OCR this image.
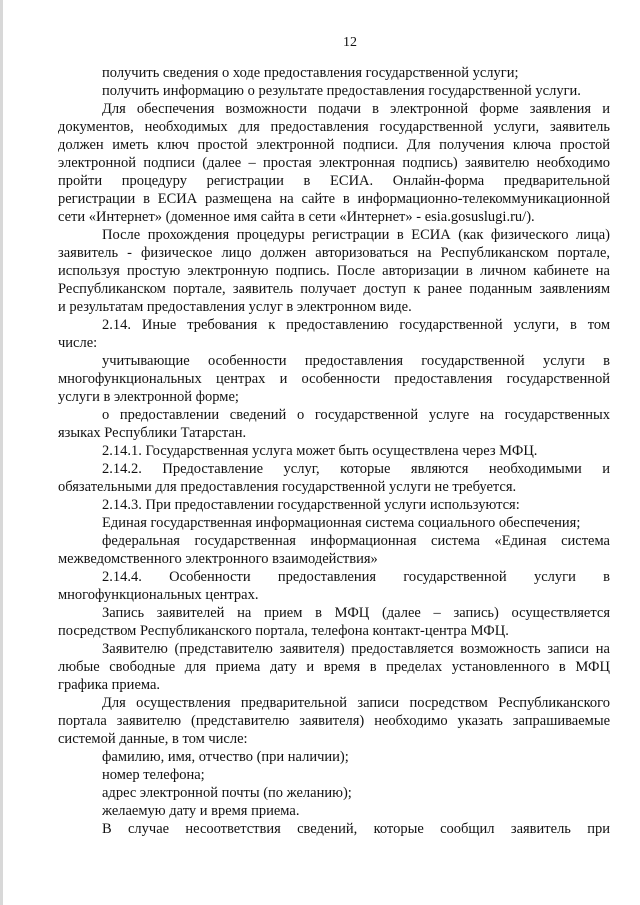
12
получить сведения о ходе предоставления государственной услуги;
получить информацию о результате предоставления государственной услуги.
Для обеспечения возможности подачи в электронной форме заявления и
документов, необходимых для предоставления государственной услуги, заявитель
должен иметь ключ простой электронной подписи. Для получения ключа простой
электронной подписи (далее – простая электронная подпись) заявителю необходимо
пройти процедуру регистрации в ЕСИА. Онлайн-форма предварительной
регистрации в ЕСИА размещена на сайте в информационно-телекоммуникационной
сети «Интернет» (доменное имя сайта в сети «Интернет» - esia.gosuslugi.ru/).
После прохождения процедуры регистрации в ЕСИА (как физического лица)
заявитель - физическое лицо должен авторизоваться на Республиканском портале,
используя простую электронную подпись. После авторизации в личном кабинете на
Республиканском портале, заявитель получает доступ к ранее поданным заявлениям
и результатам предоставления услуг в электронном виде.
2.14. Иные требования к предоставлению государственной услуги, в том
числе:
учитывающие особенности предоставления государственной услуги в
многофункциональных центрах и особенности предоставления государственной
услуги в электронной форме;
о предоставлении сведений о государственной услуге на государственных
языках Республики Татарстан.
2.14.1. Государственная услуга может быть осуществлена через МФЦ.
2.14.2. Предоставление услуг, которые являются необходимыми и
обязательными для предоставления государственной услуги не требуется.
2.14.3. При предоставлении государственной услуги используются:
Единая государственная информационная система социального обеспечения;
федеральная государственная информационная система «Единая система
межведомственного электронного взаимодействия»
2.14.4. Особенности предоставления государственной услуги в
многофункциональных центрах.
Запись заявителей на прием в МФЦ (далее – запись) осуществляется
посредством Республиканского портала, телефона контакт-центра МФЦ.
Заявителю (представителю заявителя) предоставляется возможность записи на
любые свободные для приема дату и время в пределах установленного в МФЦ
графика приема.
Для осуществления предварительной записи посредством Республиканского
портала заявителю (представителю заявителя) необходимо указать запрашиваемые
системой данные, в том числе:
фамилию, имя, отчество (при наличии);
номер телефона;
адрес электронной почты (по желанию);
желаемую дату и время приема.
В случае несоответствия сведений, которые сообщил заявитель при
